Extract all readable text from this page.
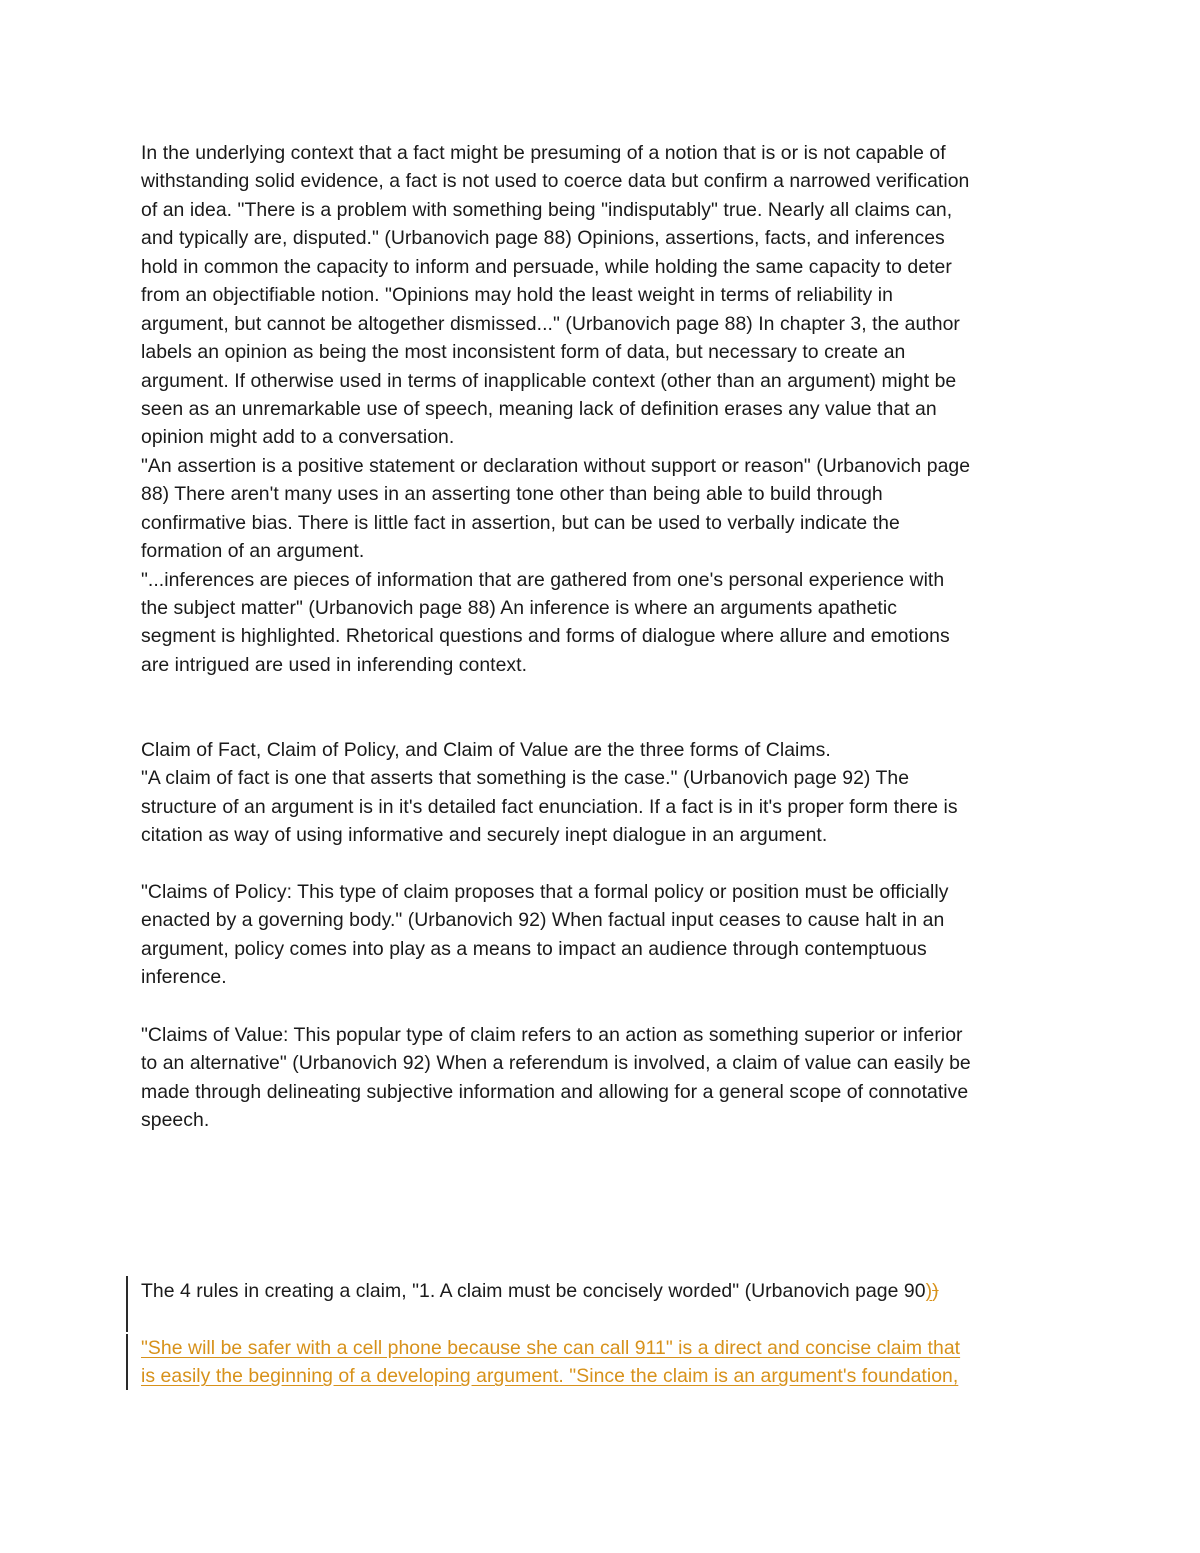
In the underlying context that a fact might be presuming of a notion that is or is not capable of
withstanding solid evidence, a fact is not used to coerce data but confirm a narrowed verification
of an idea. "There is a problem with something being "indisputably" true. Nearly all claims can,
and typically are, disputed." (Urbanovich page 88) Opinions, assertions, facts, and inferences
hold in common the capacity to inform and persuade, while holding the same capacity to deter
from an objectifiable notion. "Opinions may hold the least weight in terms of reliability in
argument, but cannot be altogether dismissed..." (Urbanovich page 88) In chapter 3, the author
labels an opinion as being the most inconsistent form of data, but necessary to create an
argument. If otherwise used in terms of inapplicable context (other than an argument) might be
seen as an unremarkable use of speech, meaning lack of definition erases any value that an
opinion might add to a conversation.
"An assertion is a positive statement or declaration without support or reason" (Urbanovich page
88) There aren't many uses in an asserting tone other than being able to build through
confirmative bias. There is little fact in assertion, but can be used to verbally indicate the
formation of an argument.
"...inferences are pieces of information that are gathered from one's personal experience with
the subject matter" (Urbanovich page 88) An inference is where an arguments apathetic
segment is highlighted. Rhetorical questions and forms of dialogue where allure and emotions
are intrigued are used in inferending context.
Claim of Fact, Claim of Policy, and Claim of Value are the three forms of Claims.
"A claim of fact is one that asserts that something is the case." (Urbanovich page 92) The
structure of an argument is in it's detailed fact enunciation. If a fact is in it's proper form there is
citation as way of using informative and securely inept dialogue in an argument.
"Claims of Policy: This type of claim proposes that a formal policy or position must be officially
enacted by a governing body." (Urbanovich 92) When factual input ceases to cause halt in an
argument, policy comes into play as a means to impact an audience through contemptuous
inference.
"Claims of Value: This popular type of claim refers to an action as something superior or inferior
to an alternative" (Urbanovich 92) When a referendum is involved, a claim of value can easily be
made through delineating subjective information and allowing for a general scope of connotative
speech.
The 4 rules in creating a claim, "1. A claim must be concisely worded" (Urbanovich page 90))
"She will be safer with a cell phone because she can call 911" is a direct and concise claim that
is easily the beginning of a developing argument. "Since the claim is an argument's foundation,
